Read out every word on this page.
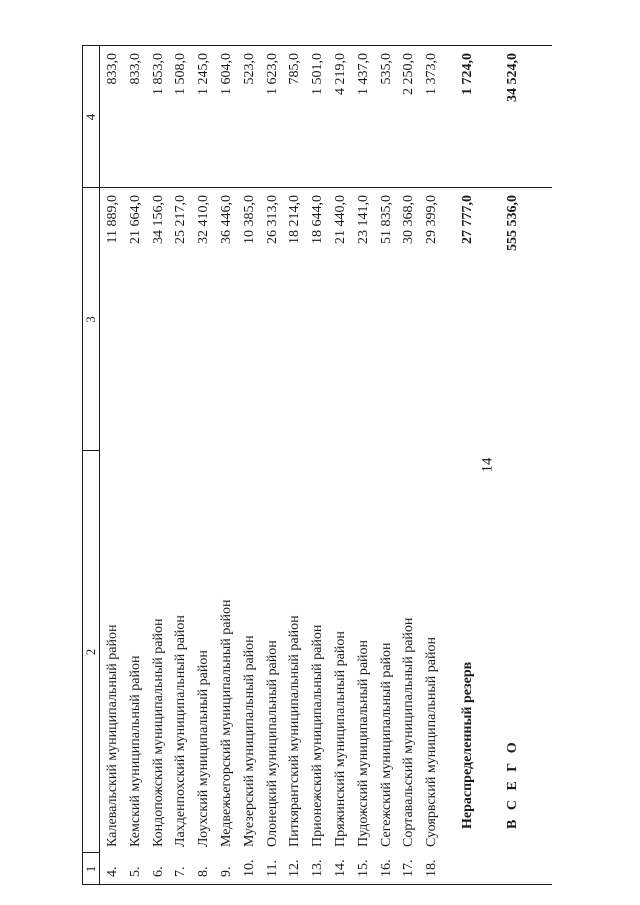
14
1
2
3
4
4.
Калевальский муниципальный район
11 889,0
833,0
5.
Кемский муниципальный район
21 664,0
833,0
6.
Кондопожский муниципальный район
34 156,0
1 853,0
7.
Лахденпохский муниципальный район
25 217,0
1 508,0
8.
Лоухский муниципальный район
32 410,0
1 245,0
9.
Медвежьегорский муниципальный район
36 446,0
1 604,0
10.
Муезерский муниципальный район
10 385,0
523,0
11.
Олонецкий муниципальный район
26 313,0
1 623,0
12.
Питкярантский муниципальный район
18 214,0
785,0
13.
Прионежский муниципальный район
18 644,0
1 501,0
14.
Пряжинский муниципальный район
21 440,0
4 219,0
15.
Пудожский муниципальный район
23 141,0
1 437,0
16.
Сегежский муниципальный район
51 835,0
535,0
17.
Сортавальский муниципальный район
30 368,0
2 250,0
18.
Суоярвский муниципальный район
29 399,0
1 373,0
Нераспределенный резерв
27 777,0
1 724,0
В С Е Г О
555 536,0
34 524,0
